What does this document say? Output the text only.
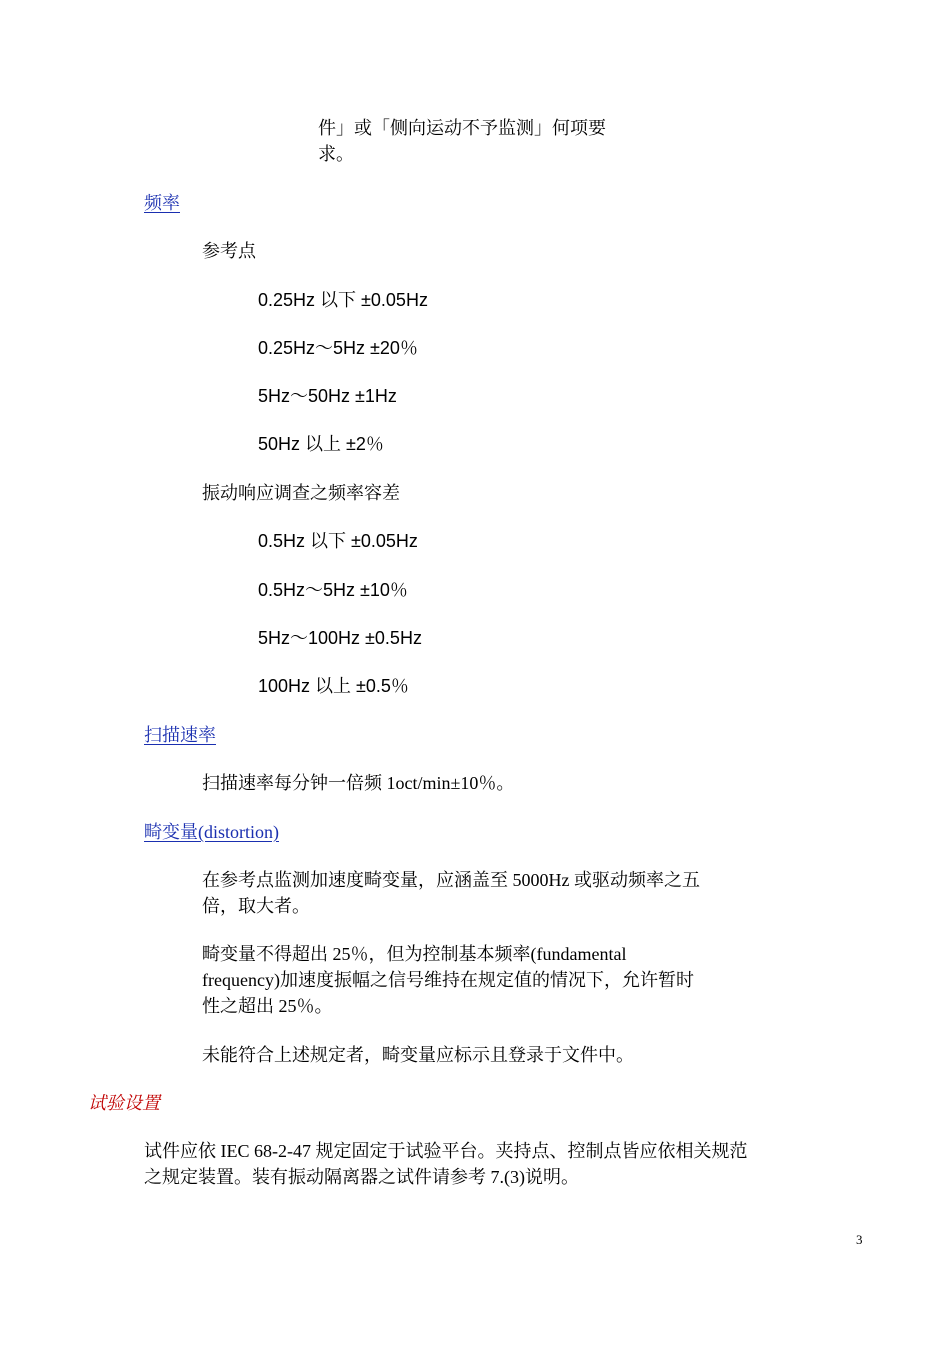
件」或「侧向运动不予监测」何项要
求。
频率
参考点
0.25Hz 以下 ±0.05Hz
0.25Hz～5Hz ±20％
5Hz～50Hz ±1Hz
50Hz 以上 ±2％
振动响应调查之频率容差
0.5Hz 以下 ±0.05Hz
0.5Hz～5Hz ±10％
5Hz～100Hz ±0.5Hz
100Hz 以上 ±0.5％
扫描速率
扫描速率每分钟一倍频 1oct/min±10％。
畸变量(distortion)
在参考点监测加速度畸变量，应涵盖至 5000Hz 或驱动频率之五
倍，取大者。
畸变量不得超出 25％，但为控制基本频率(fundamental
frequency)加速度振幅之信号维持在规定值的情况下，允许暂时
性之超出 25％。
未能符合上述规定者，畸变量应标示且登录于文件中。
试验设置
试件应依 IEC 68-2-47 规定固定于试验平台。夹持点、控制点皆应依相关规范
之规定装置。装有振动隔离器之试件请参考 7.(3)说明。
3
